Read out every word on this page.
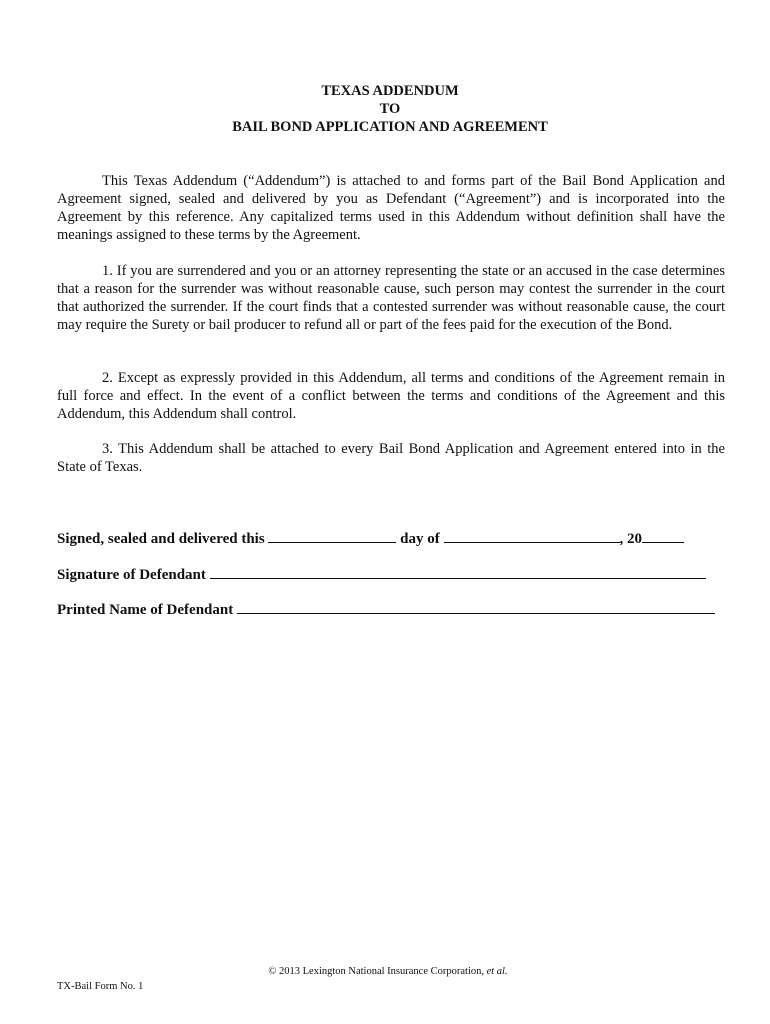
TEXAS ADDENDUM
TO
BAIL BOND APPLICATION AND AGREEMENT

This Texas Addendum (“Addendum”) is attached to and forms part of the Bail Bond Application and Agreement signed, sealed and delivered by you as Defendant (“Agreement”) and is incorporated into the Agreement by this reference. Any capitalized terms used in this Addendum without definition shall have the meanings assigned to these terms by the Agreement.

1. If you are surrendered and you or an attorney representing the state or an accused in the case determines that a reason for the surrender was without reasonable cause, such person may contest the surrender in the court that authorized the surrender. If the court finds that a contested surrender was without reasonable cause, the court may require the Surety or bail producer to refund all or part of the fees paid for the execution of the Bond.

2. Except as expressly provided in this Addendum, all terms and conditions of the Agreement remain in full force and effect. In the event of a conflict between the terms and conditions of the Agreement and this Addendum, this Addendum shall control.

3. This Addendum shall be attached to every Bail Bond Application and Agreement entered into in the State of Texas.

Signed, sealed and delivered this	day of	, 20
Signature of Defendant
Printed Name of Defendant
© 2013 Lexington National Insurance Corporation, et al.
TX-Bail Form No. 1
